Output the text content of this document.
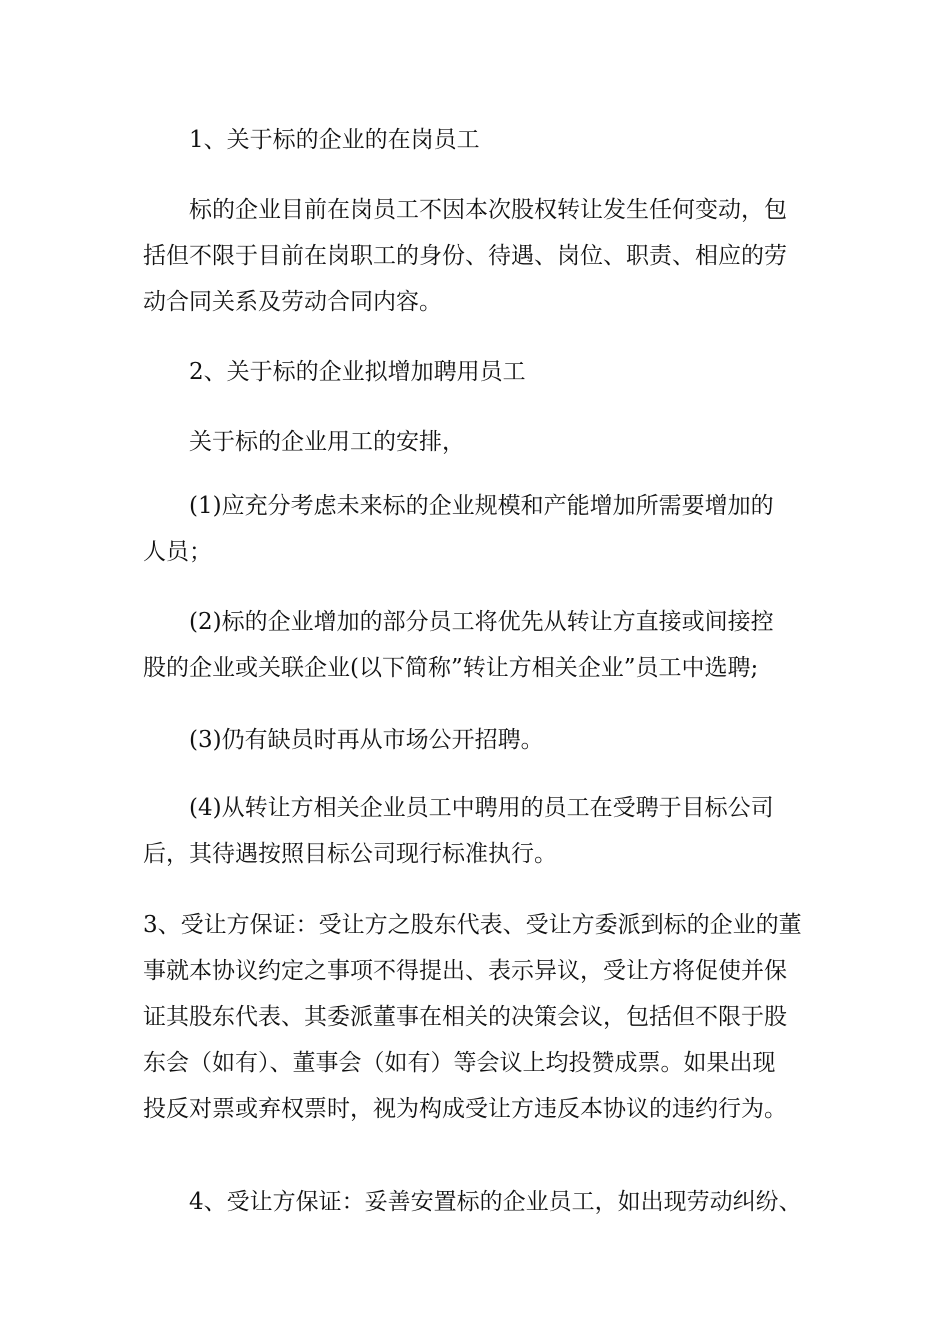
1、关于标的企业的在岗员工
标的企业目前在岗员工不因本次股权转让发生任何变动，包
括但不限于目前在岗职工的身份、待遇、岗位、职责、相应的劳
动合同关系及劳动合同内容。
2、关于标的企业拟增加聘用员工
关于标的企业用工的安排，
(1)应充分考虑未来标的企业规模和产能增加所需要增加的
人员；
(2)标的企业增加的部分员工将优先从转让方直接或间接控
股的企业或关联企业(以下简称”转让方相关企业”员工中选聘;
(3)仍有缺员时再从市场公开招聘。
(4)从转让方相关企业员工中聘用的员工在受聘于目标公司
后，其待遇按照目标公司现行标准执行。
3、受让方保证：受让方之股东代表、受让方委派到标的企业的董
事就本协议约定之事项不得提出、表示异议，受让方将促使并保
证其股东代表、其委派董事在相关的决策会议，包括但不限于股
东会（如有）、董事会（如有）等会议上均投赞成票。如果出现
投反对票或弃权票时，视为构成受让方违反本协议的违约行为。
4、受让方保证：妥善安置标的企业员工，如出现劳动纠纷、
